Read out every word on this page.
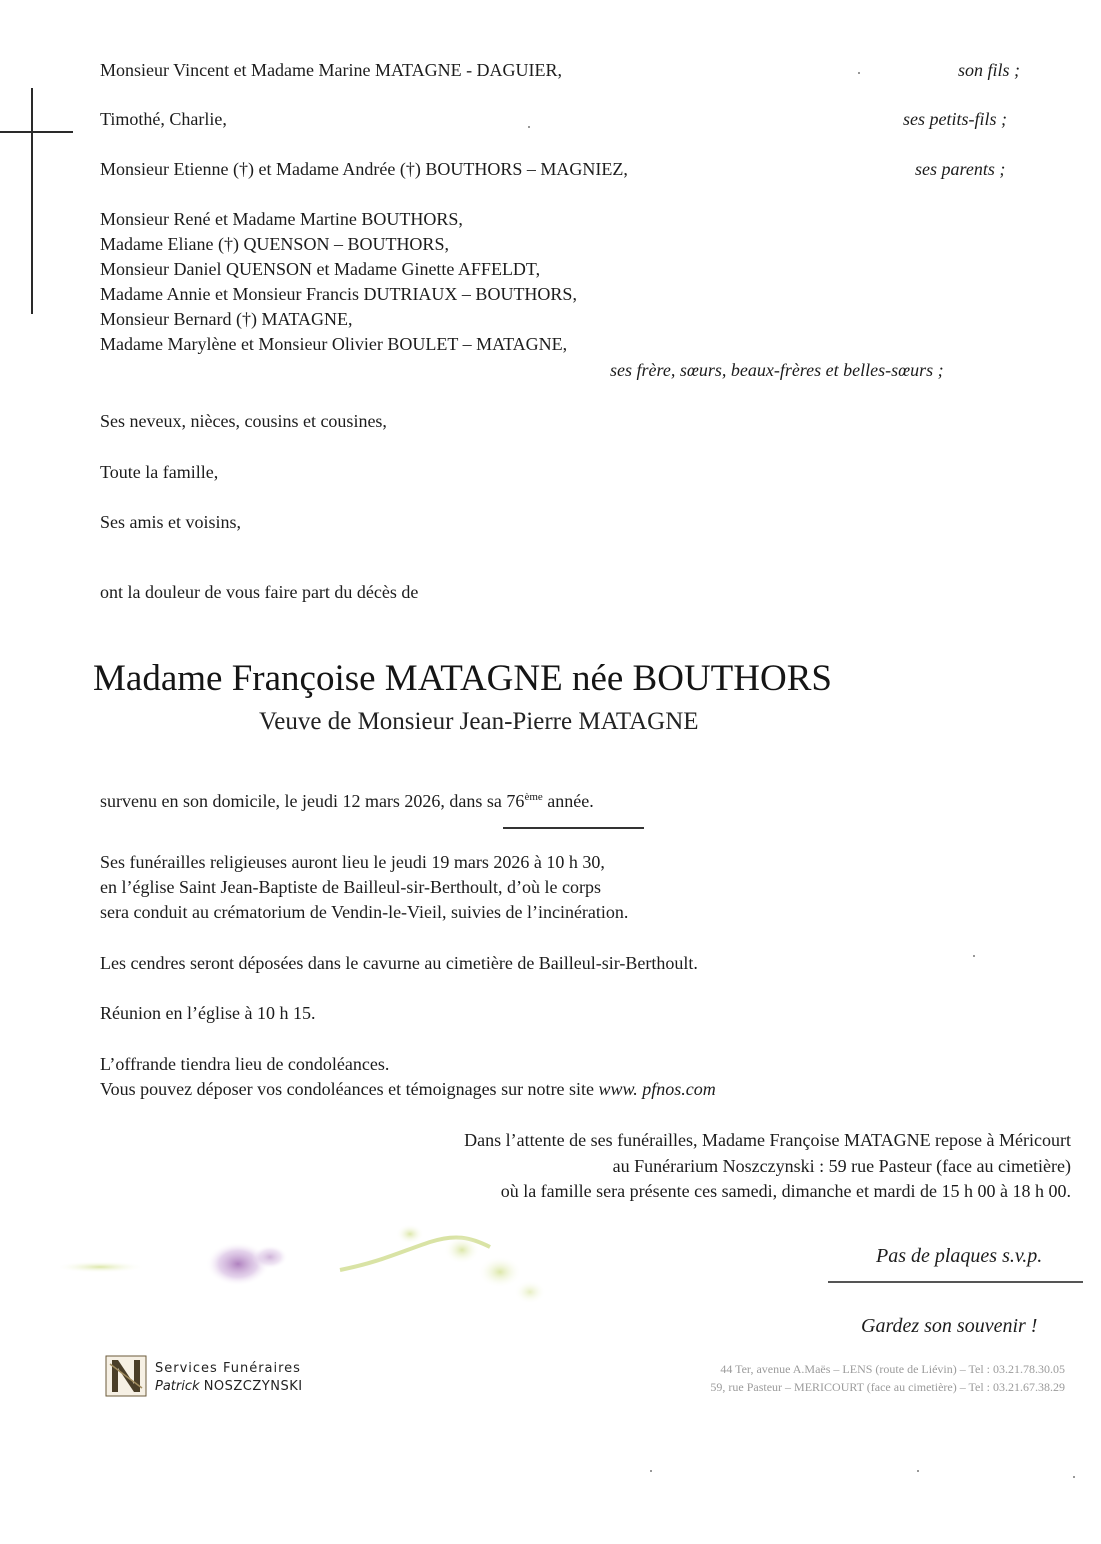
Monsieur Vincent et Madame Marine MATAGNE - DAGUIER,	son fils ;
Timothé, Charlie,	ses petits-fils ;
Monsieur Etienne (†) et Madame Andrée (†) BOUTHORS – MAGNIEZ,	ses parents ;
Monsieur René et Madame Martine BOUTHORS,
Madame Eliane (†) QUENSON – BOUTHORS,
Monsieur Daniel QUENSON et Madame Ginette AFFELDT,
Madame Annie et Monsieur Francis DUTRIAUX – BOUTHORS,
Monsieur Bernard (†) MATAGNE,
Madame Marylène et Monsieur Olivier BOULET – MATAGNE,
ses frère, sœurs, beaux-frères et belles-sœurs ;
Ses neveux, nièces, cousins et cousines,
Toute la famille,
Ses amis et voisins,
ont la douleur de vous faire part du décès de
Madame Françoise MATAGNE née BOUTHORS
Veuve de Monsieur Jean-Pierre MATAGNE
survenu en son domicile, le jeudi 12 mars 2026, dans sa 76ème année.
Ses funérailles religieuses auront lieu le jeudi 19 mars 2026 à 10 h 30,
en l’église Saint Jean-Baptiste de Bailleul-sir-Berthoult, d’où le corps
sera conduit au crématorium de Vendin-le-Vieil, suivies de l’incinération.
Les cendres seront déposées dans le cavurne au cimetière de Bailleul-sir-Berthoult.
Réunion en l’église à 10 h 15.
L’offrande tiendra lieu de condoléances.
Vous pouvez déposer vos condoléances et témoignages sur notre site www. pfnos.com
Dans l’attente de ses funérailles, Madame Françoise MATAGNE repose à Méricourt
au Funérarium Noszczynski : 59 rue Pasteur (face au cimetière)
où la famille sera présente ces samedi, dimanche et mardi de 15 h 00 à 18 h 00.
Pas de plaques s.v.p.
Gardez son souvenir !
Services Funéraires
Patrick NOSZCZYNSKI
44 Ter, avenue A.Maës – LENS (route de Liévin) – Tel : 03.21.78.30.05
59, rue Pasteur – MERICOURT (face au cimetière) – Tel : 03.21.67.38.29
